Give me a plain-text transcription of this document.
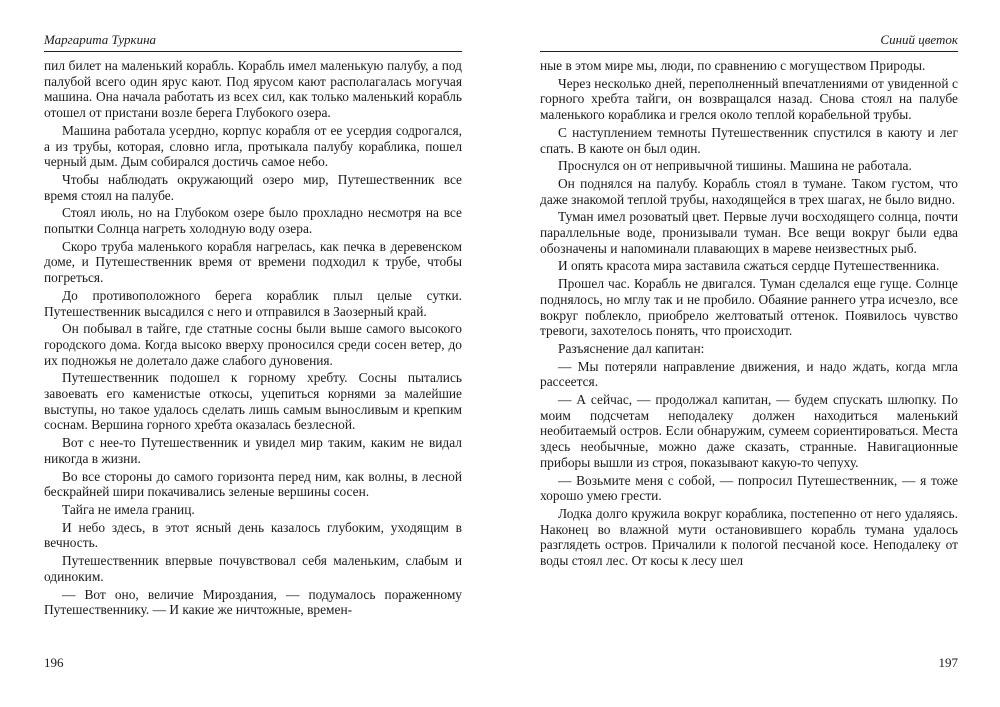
Маргарита Туркина

пил билет на маленький корабль. Корабль имел маленькую палубу, а под палубой всего один ярус кают. Под ярусом кают располагалась могучая машина. Она начала работать из всех сил, как только маленький корабль отошел от пристани возле берега Глубокого озера.

Машина работала усердно, корпус корабля от ее усердия содрогался, а из трубы, которая, словно игла, протыкала палубу кораблика, пошел черный дым. Дым собирался достичь самое небо.

Чтобы наблюдать окружающий озеро мир, Путешественник все время стоял на палубе.

Стоял июль, но на Глубоком озере было прохладно несмотря на все попытки Солнца нагреть холодную воду озера.

Скоро труба маленького корабля нагрелась, как печка в деревенском доме, и Путешественник время от времени подходил к трубе, чтобы погреться.

До противоположного берега кораблик плыл целые сутки. Путешественник высадился с него и отправился в Заозерный край.

Он побывал в тайге, где статные сосны были выше самого высокого городского дома. Когда высоко вверху проносился среди сосен ветер, до их подножья не долетало даже слабого дуновения.

Путешественник подошел к горному хребту. Сосны пытались завоевать его каменистые откосы, уцепиться корнями за малейшие выступы, но такое удалось сделать лишь самым выносливым и крепким соснам. Вершина горного хребта оказалась безлесной.

Вот с нее-то Путешественник и увидел мир таким, каким не видал никогда в жизни.

Во все стороны до самого горизонта перед ним, как волны, в лесной бескрайней шири покачивались зеленые вершины сосен.

Тайга не имела границ.

И небо здесь, в этот ясный день казалось глубоким, уходящим в вечность.

Путешественник впервые почувствовал себя маленьким, слабым и одиноким.

— Вот оно, величие Мироздания, — подумалось пораженному Путешественнику. — И какие же ничтожные, времен-

196
Синий цветок

ные в этом мире мы, люди, по сравнению с могуществом Природы.

Через несколько дней, переполненный впечатлениями от увиденной с горного хребта тайги, он возвращался назад. Снова стоял на палубе маленького кораблика и грелся около теплой корабельной трубы.

С наступлением темноты Путешественник спустился в каюту и лег спать. В каюте он был один.

Проснулся он от непривычной тишины. Машина не работала.

Он поднялся на палубу. Корабль стоял в тумане. Таком густом, что даже знакомой теплой трубы, находящейся в трех шагах, не было видно.

Туман имел розоватый цвет. Первые лучи восходящего солнца, почти параллельные воде, пронизывали туман. Все вещи вокруг были едва обозначены и напоминали плавающих в мареве неизвестных рыб.

И опять красота мира заставила сжаться сердце Путешественника.

Прошел час. Корабль не двигался. Туман сделался еще гуще. Солнце поднялось, но мглу так и не пробило. Обаяние раннего утра исчезло, все вокруг поблекло, приобрело желтоватый оттенок. Появилось чувство тревоги, захотелось понять, что происходит.

Разъяснение дал капитан:

— Мы потеряли направление движения, и надо ждать, когда мгла рассеется.

— А сейчас, — продолжал капитан, — будем спускать шлюпку. По моим подсчетам неподалеку должен находиться маленький необитаемый остров. Если обнаружим, сумеем сориентироваться. Места здесь необычные, можно даже сказать, странные. Навигационные приборы вышли из строя, показывают какую-то чепуху.

— Возьмите меня с собой, — попросил Путешественник, — я тоже хорошо умею грести.

Лодка долго кружила вокруг кораблика, постепенно от него удаляясь. Наконец во влажной мути остановившего корабль тумана удалось разглядеть остров. Причалили к пологой песчаной косе. Неподалеку от воды стоял лес. От косы к лесу шел

197
